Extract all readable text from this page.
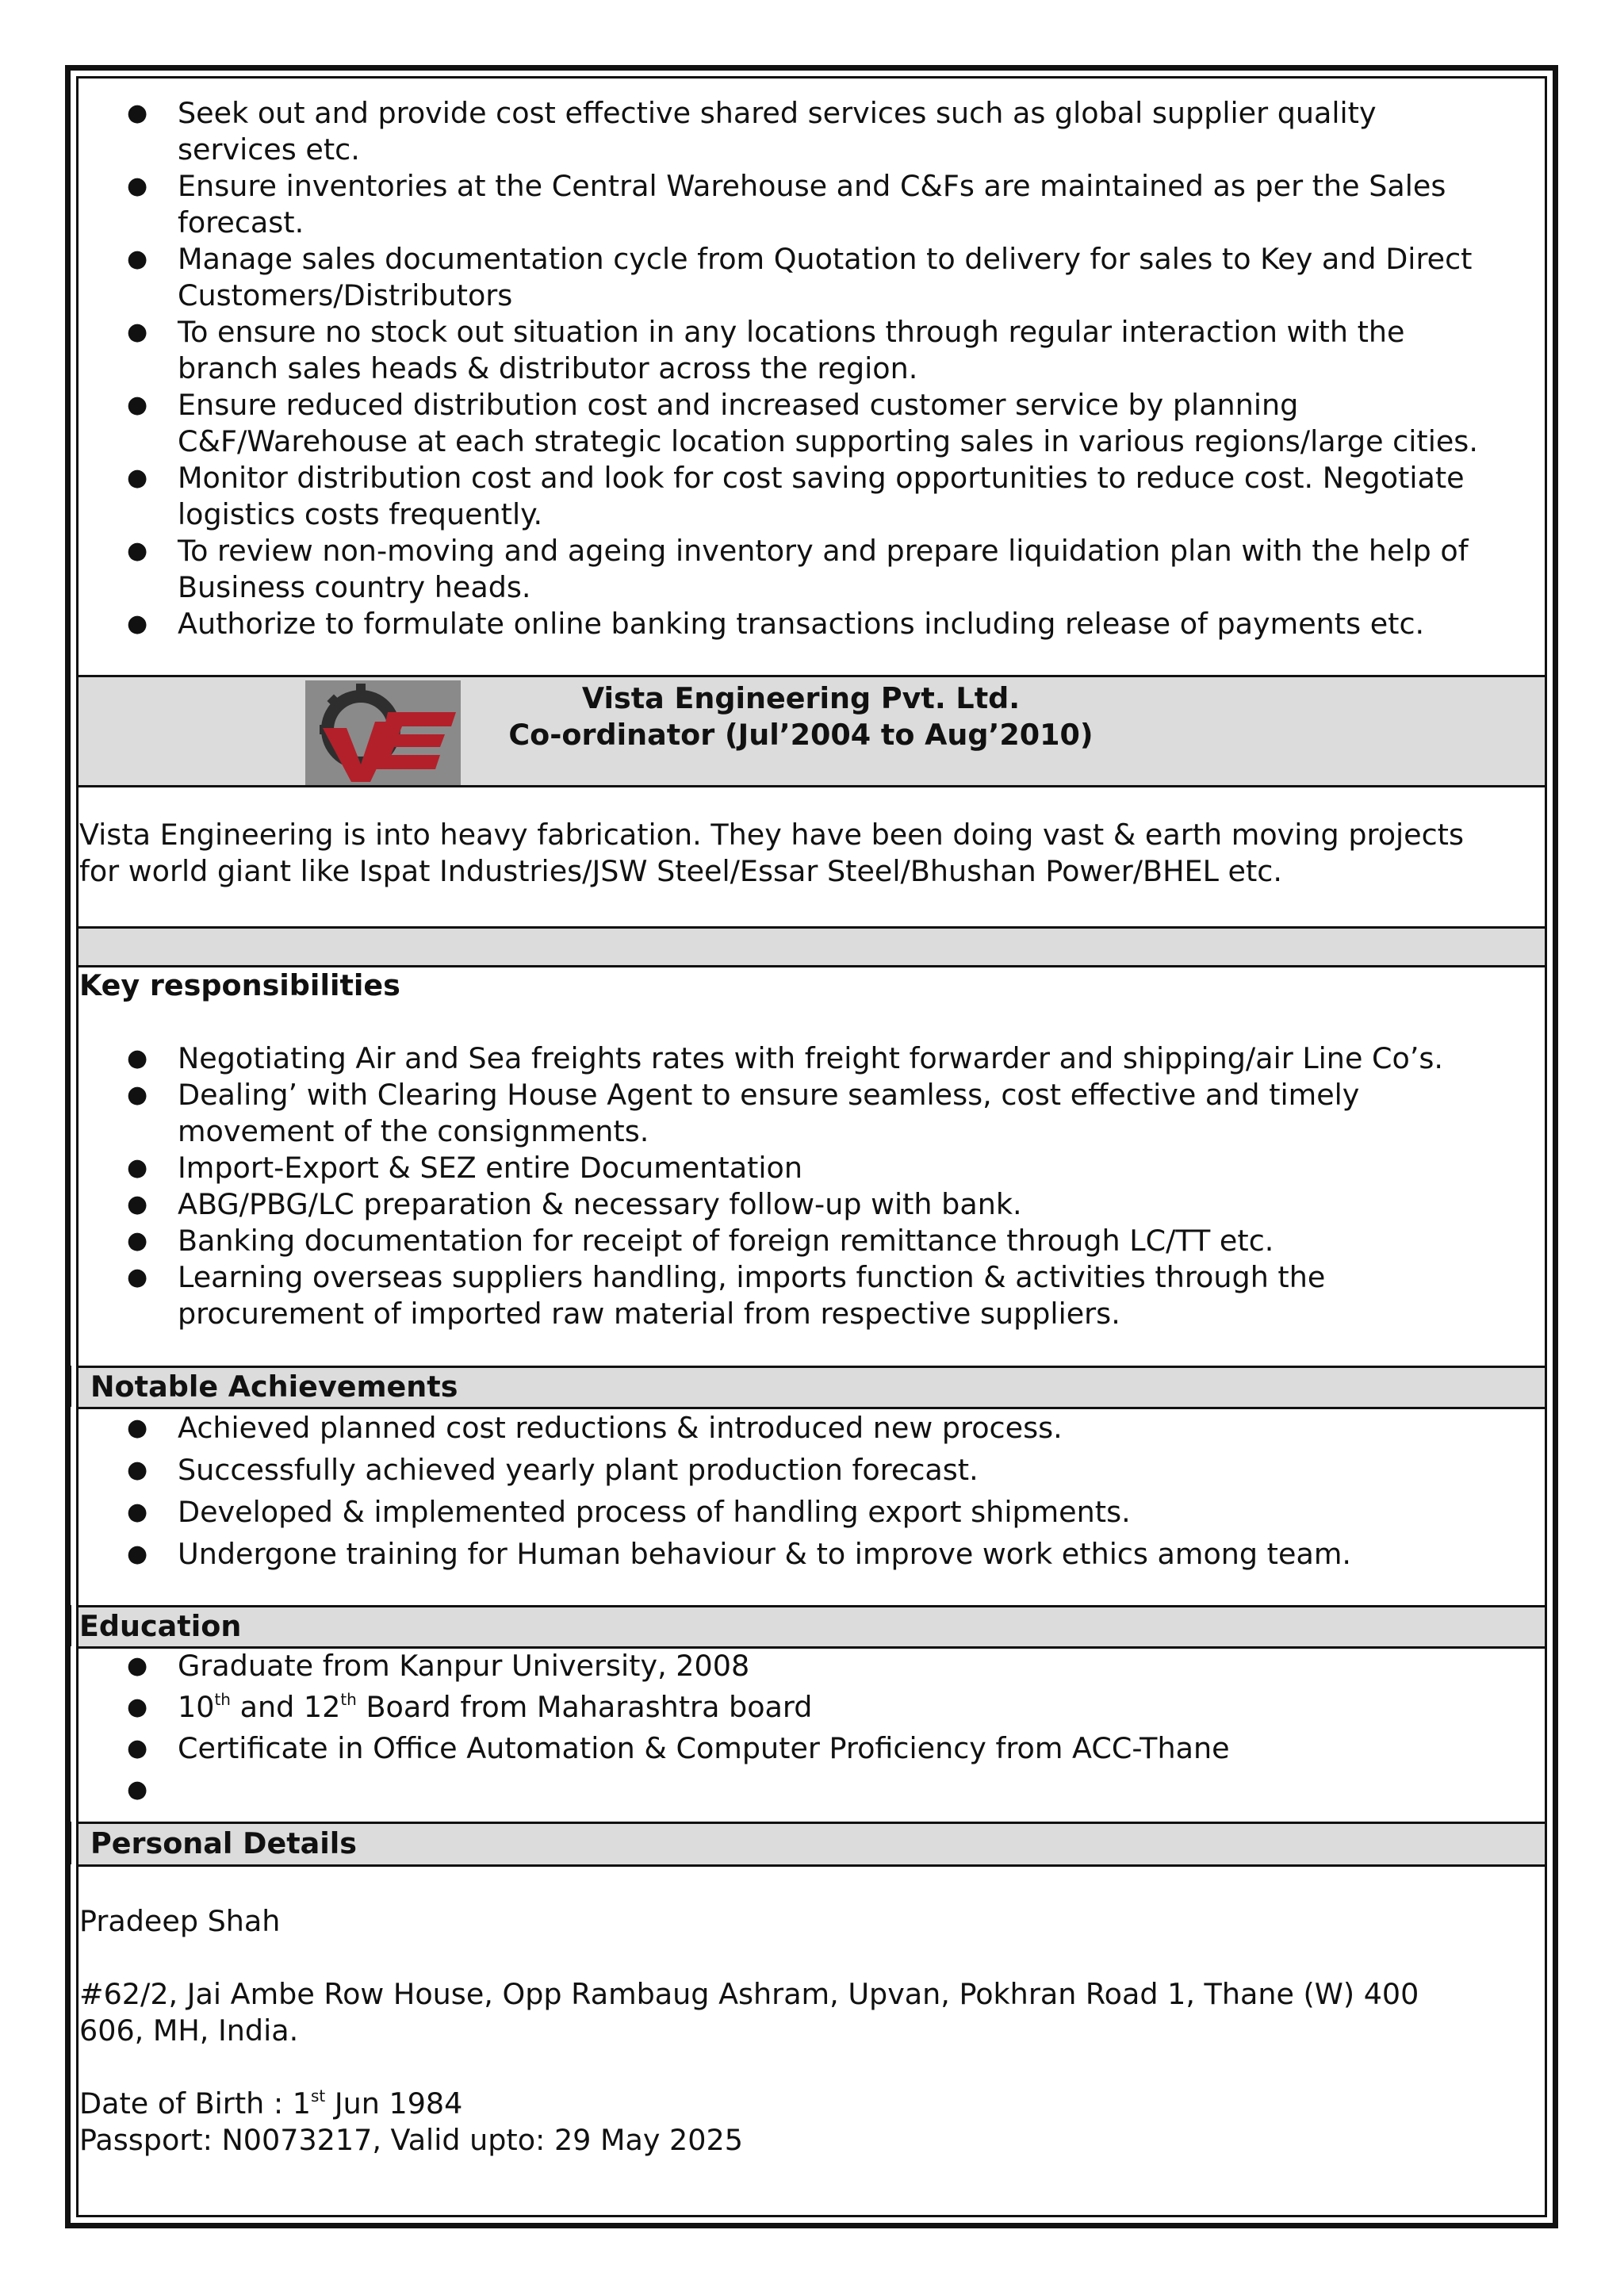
● Seek out and provide cost effective shared services such as global supplier quality
services etc.
● Ensure inventories at the Central Warehouse and C&Fs are maintained as per the Sales
forecast.
● Manage sales documentation cycle from Quotation to delivery for sales to Key and Direct
Customers/Distributors
● To ensure no stock out situation in any locations through regular interaction with the
branch sales heads & distributor across the region.
● Ensure reduced distribution cost and increased customer service by planning
C&F/Warehouse at each strategic location supporting sales in various regions/large cities.
● Monitor distribution cost and look for cost saving opportunities to reduce cost. Negotiate
logistics costs frequently.
● To review non-moving and ageing inventory and prepare liquidation plan with the help of
Business country heads.
● Authorize to formulate online banking transactions including release of payments etc.
Vista Engineering Pvt. Ltd.
Co-ordinator (Jul’2004 to Aug’2010)
Vista Engineering is into heavy fabrication. They have been doing vast & earth moving projects
for world giant like Ispat Industries/JSW Steel/Essar Steel/Bhushan Power/BHEL etc.
Key responsibilities
● Negotiating Air and Sea freights rates with freight forwarder and shipping/air Line Co’s.
● Dealing’ with Clearing House Agent to ensure seamless, cost effective and timely
movement of the consignments.
● Import-Export & SEZ entire Documentation
● ABG/PBG/LC preparation & necessary follow-up with bank.
● Banking documentation for receipt of foreign remittance through LC/TT etc.
● Learning overseas suppliers handling, imports function & activities through the
procurement of imported raw material from respective suppliers.
Notable Achievements
● Achieved planned cost reductions & introduced new process.
● Successfully achieved yearly plant production forecast.
● Developed & implemented process of handling export shipments.
● Undergone training for Human behaviour & to improve work ethics among team.
Education
● Graduate from Kanpur University, 2008
● 10th and 12th Board from Maharashtra board
● Certificate in Office Automation & Computer Proficiency from ACC-Thane
●
Personal Details
Pradeep Shah
#62/2, Jai Ambe Row House, Opp Rambaug Ashram, Upvan, Pokhran Road 1, Thane (W) 400
606, MH, India.
Date of Birth : 1st Jun 1984
Passport: N0073217, Valid upto: 29 May 2025
